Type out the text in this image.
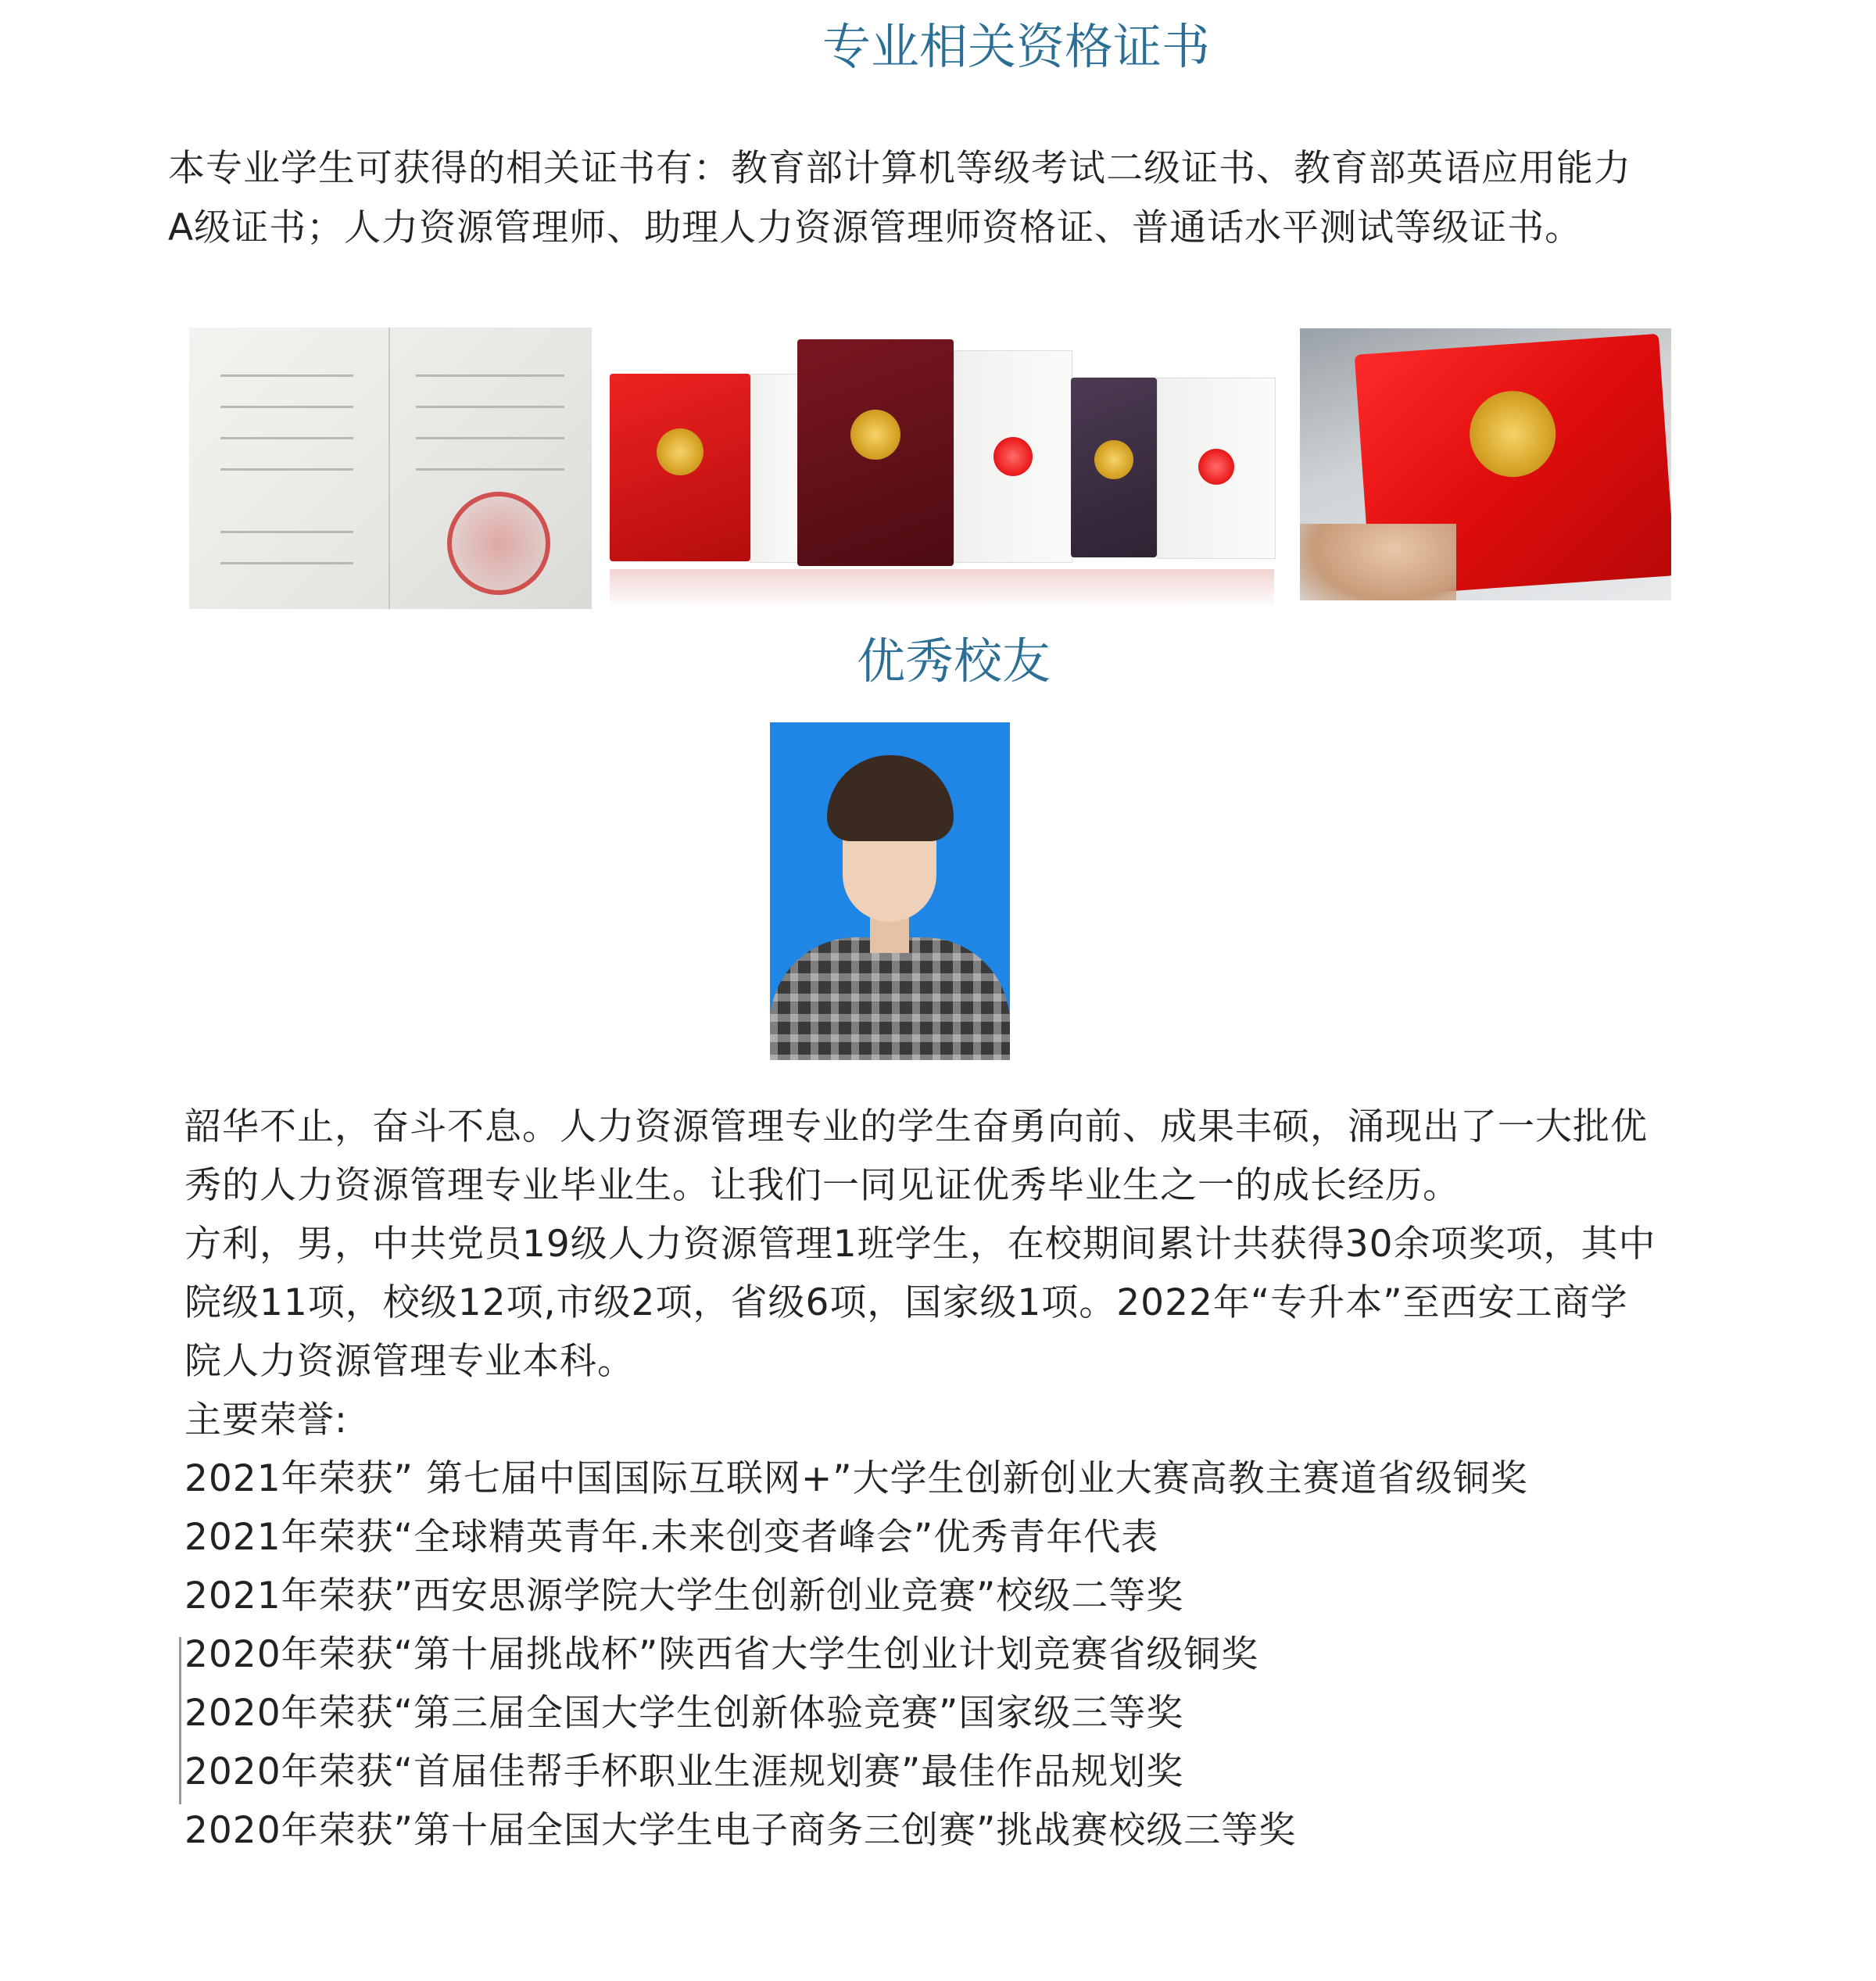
专业相关资格证书

本专业学生可获得的相关证书有：教育部计算机等级考试二级证书、教育部英语应用能力

A级证书；人力资源管理师、助理人力资源管理师资格证、普通话水平测试等级证书。

优秀校友

韶华不止，奋斗不息。人力资源管理专业的学生奋勇向前、成果丰硕，涌现出了一大批优

秀的人力资源管理专业毕业生。让我们一同见证优秀毕业生之一的成长经历。

方利，男，中共党员19级人力资源管理1班学生，在校期间累计共获得30余项奖项，其中

院级11项，校级12项,市级2项，省级6项，国家级1项。2022年“专升本”至西安工商学

院人力资源管理专业本科。

主要荣誉:

2021年荣获” 第七届中国国际互联网+”大学生创新创业大赛高教主赛道省级铜奖

2021年荣获“全球精英青年.未来创变者峰会”优秀青年代表

2021年荣获”西安思源学院大学生创新创业竞赛”校级二等奖

2020年荣获“第十届挑战杯”陕西省大学生创业计划竞赛省级铜奖

2020年荣获“第三届全国大学生创新体验竞赛”国家级三等奖

2020年荣获“首届佳帮手杯职业生涯规划赛”最佳作品规划奖

2020年荣获”第十届全国大学生电子商务三创赛”挑战赛校级三等奖
